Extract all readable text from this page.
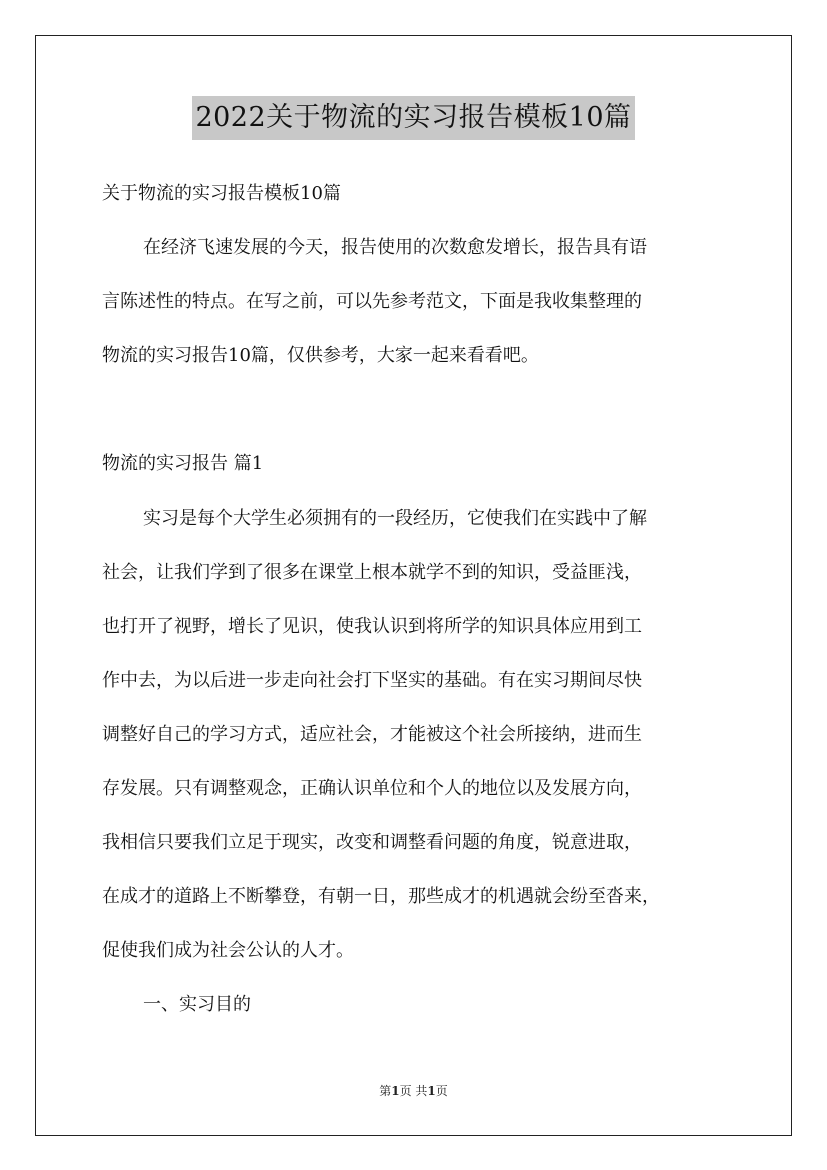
2022关于物流的实习报告模板10篇
关于物流的实习报告模板10篇
在经济飞速发展的今天，报告使用的次数愈发增长，报告具有语
言陈述性的特点。在写之前，可以先参考范文，下面是我收集整理的
物流的实习报告10篇，仅供参考，大家一起来看看吧。
物流的实习报告 篇1
实习是每个大学生必须拥有的一段经历，它使我们在实践中了解
社会，让我们学到了很多在课堂上根本就学不到的知识，受益匪浅，
也打开了视野，增长了见识，使我认识到将所学的知识具体应用到工
作中去，为以后进一步走向社会打下坚实的基础。有在实习期间尽快
调整好自己的学习方式，适应社会，才能被这个社会所接纳，进而生
存发展。只有调整观念，正确认识单位和个人的地位以及发展方向，
我相信只要我们立足于现实，改变和调整看问题的角度，锐意进取，
在成才的道路上不断攀登，有朝一日，那些成才的机遇就会纷至沓来，
促使我们成为社会公认的人才。
一、实习目的
第1页 共1页
